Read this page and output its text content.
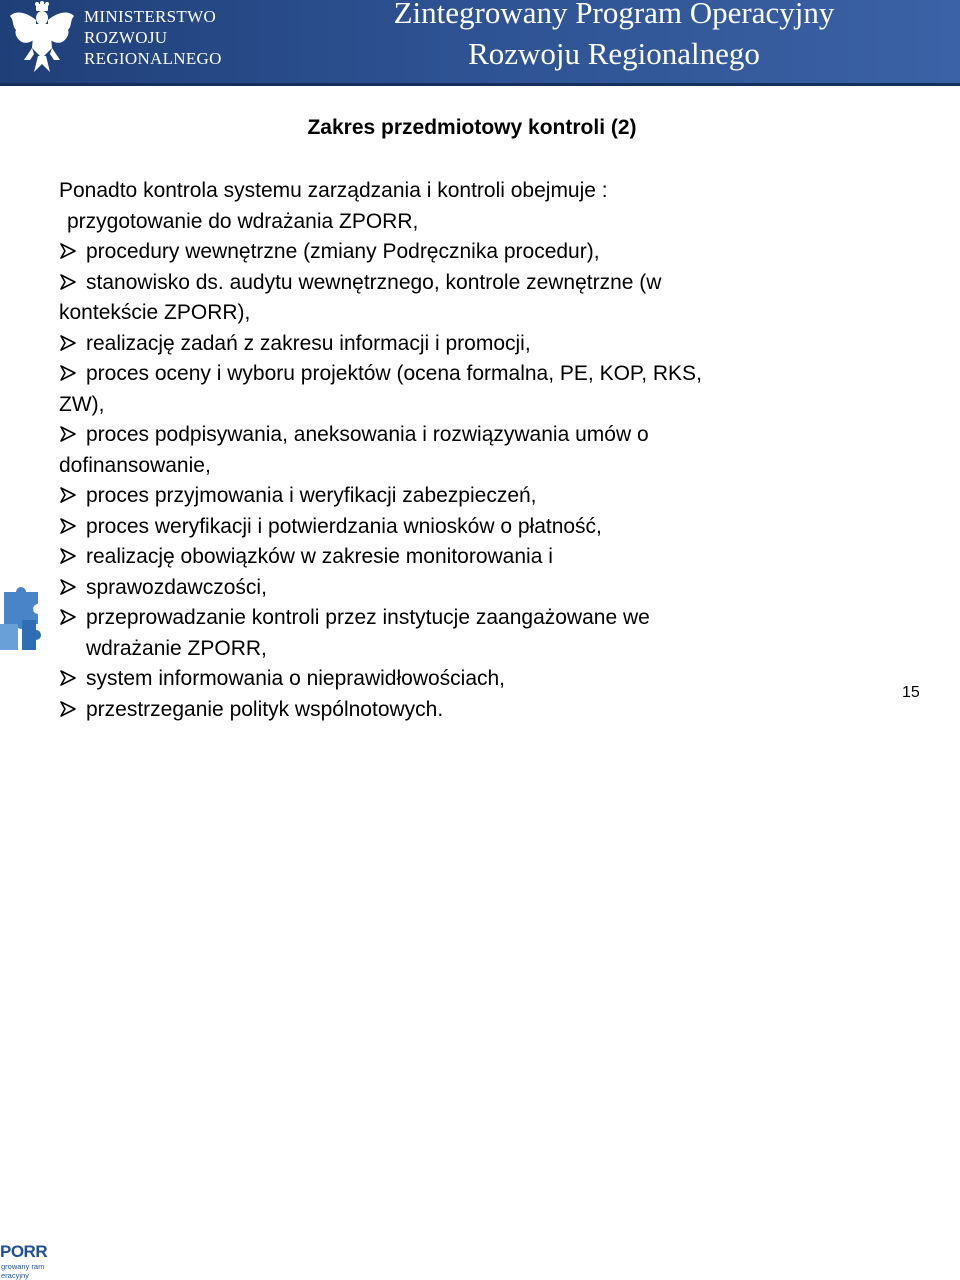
MINISTERSTWO
ROZWOJU
REGIONALNEGO
Zintegrowany Program Operacyjny
Rozwoju Regionalnego
Zakres przedmiotowy kontroli (2)
Ponadto kontrola systemu zarządzania i kontroli obejmuje :
przygotowanie do wdrażania ZPORR,
procedury wewnętrzne (zmiany Podręcznika procedur),
stanowisko ds. audytu wewnętrznego, kontrole zewnętrzne (w
kontekście ZPORR),
realizację zadań z zakresu informacji i promocji,
proces oceny i wyboru projektów (ocena formalna, PE, KOP, RKS,
ZW),
proces podpisywania, aneksowania i rozwiązywania umów o
dofinansowanie,
proces przyjmowania i weryfikacji zabezpieczeń,
proces weryfikacji i potwierdzania wniosków o płatność,
realizację obowiązków w zakresie monitorowania i
sprawozdawczości,
przeprowadzanie kontroli przez instytucje zaangażowane we
wdrażanie ZPORR,
system informowania o nieprawidłowościach,
przestrzeganie polityk wspólnotowych.
PORR
growany ram eracyjny
15
